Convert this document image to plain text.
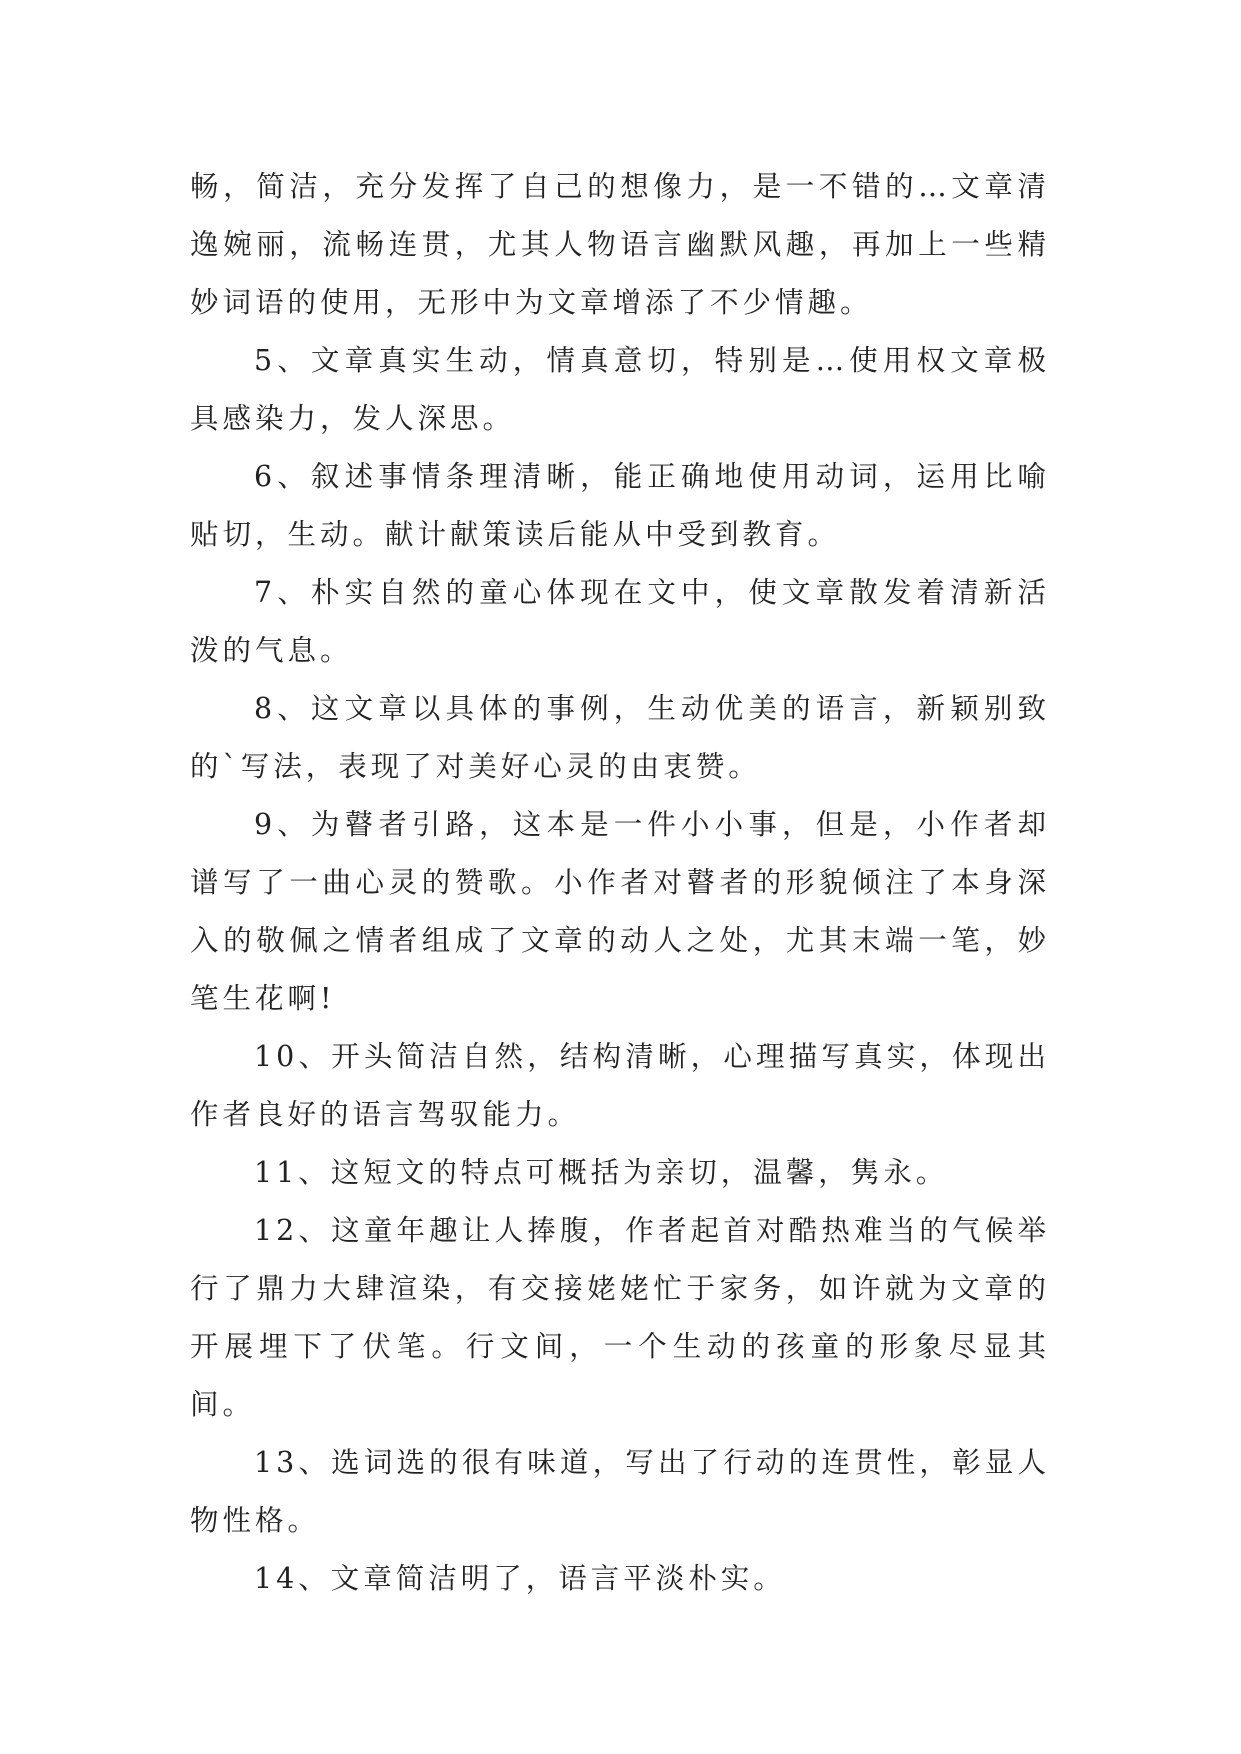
畅，简洁，充分发挥了自己的想像力，是一不错的…文章清逸婉丽，流畅连贯，尤其人物语言幽默风趣，再加上一些精妙词语的使用，无形中为文章增添了不少情趣。

5、文章真实生动，情真意切，特别是…使用权文章极具感染力，发人深思。

6、叙述事情条理清晰，能正确地使用动词，运用比喻贴切，生动。献计献策读后能从中受到教育。

7、朴实自然的童心体现在文中，使文章散发着清新活泼的气息。

8、这文章以具体的事例，生动优美的语言，新颖别致的`写法，表现了对美好心灵的由衷赞。

9、为瞽者引路，这本是一件小小事，但是，小作者却谱写了一曲心灵的赞歌。小作者对瞽者的形貌倾注了本身深入的敬佩之情者组成了文章的动人之处，尤其末端一笔，妙笔生花啊!

10、开头简洁自然，结构清晰，心理描写真实，体现出作者良好的语言驾驭能力。

11、这短文的特点可概括为亲切，温馨，隽永。

12、这童年趣让人捧腹，作者起首对酷热难当的气候举行了鼎力大肆渲染，有交接姥姥忙于家务，如许就为文章的开展埋下了伏笔。行文间，一个生动的孩童的形象尽显其间。

13、选词选的很有味道，写出了行动的连贯性，彰显人物性格。

14、文章简洁明了，语言平淡朴实。
